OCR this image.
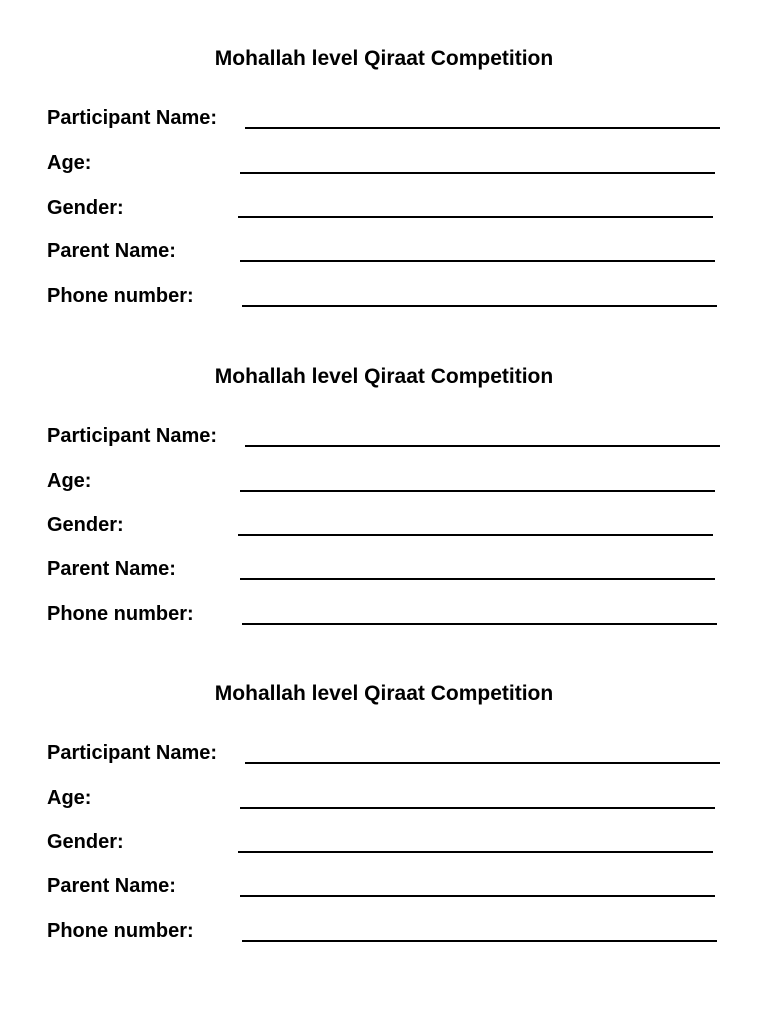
Mohallah level Qiraat Competition
Participant Name:
Age:
Gender:
Parent Name:
Phone number:
Mohallah level Qiraat Competition
Participant Name:
Age:
Gender:
Parent Name:
Phone number:
Mohallah level Qiraat Competition
Participant Name:
Age:
Gender:
Parent Name:
Phone number:
